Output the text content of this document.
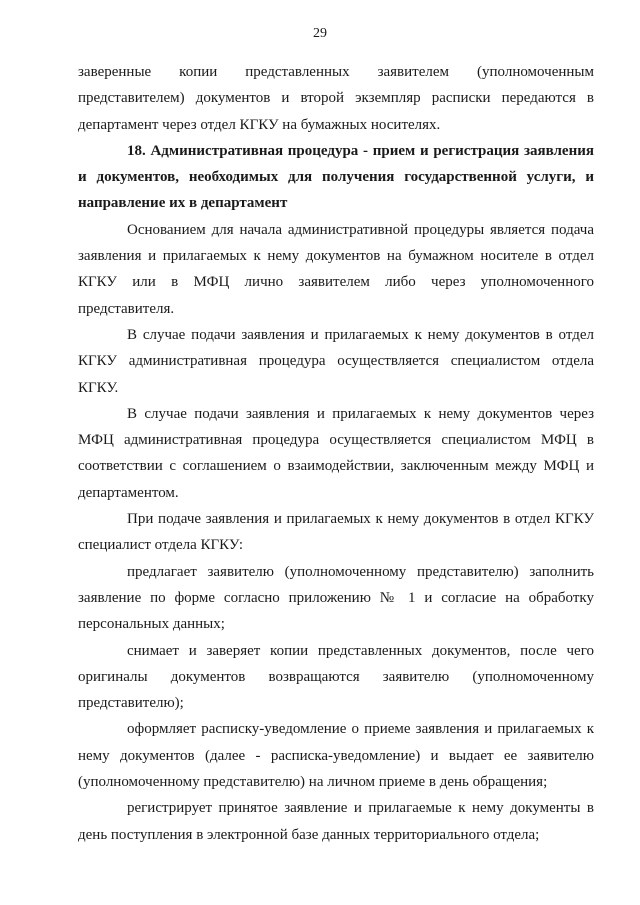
29

заверенные копии представленных заявителем (уполномоченным представителем) документов и второй экземпляр расписки передаются в департамент через отдел КГКУ на бумажных носителях.

18. Административная процедура - прием и регистрация заявления и документов, необходимых для получения государственной услуги, и направление их в департамент

Основанием для начала административной процедуры является подача заявления и прилагаемых к нему документов на бумажном носителе в отдел КГКУ или в МФЦ лично заявителем либо через уполномоченного представителя.

В случае подачи заявления и прилагаемых к нему документов в отдел КГКУ административная процедура осуществляется специалистом отдела КГКУ.

В случае подачи заявления и прилагаемых к нему документов через МФЦ административная процедура осуществляется специалистом МФЦ в соответствии с соглашением о взаимодействии, заключенным между МФЦ и департаментом.

При подаче заявления и прилагаемых к нему документов в отдел КГКУ специалист отдела КГКУ:

предлагает заявителю (уполномоченному представителю) заполнить заявление по форме согласно приложению № 1 и согласие на обработку персональных данных;

снимает и заверяет копии представленных документов, после чего оригиналы документов возвращаются заявителю (уполномоченному представителю);

оформляет расписку-уведомление о приеме заявления и прилагаемых к нему документов (далее - расписка-уведомление) и выдает ее заявителю (уполномоченному представителю) на личном приеме в день обращения;

регистрирует принятое заявление и прилагаемые к нему документы в день поступления в электронной базе данных территориального отдела;
